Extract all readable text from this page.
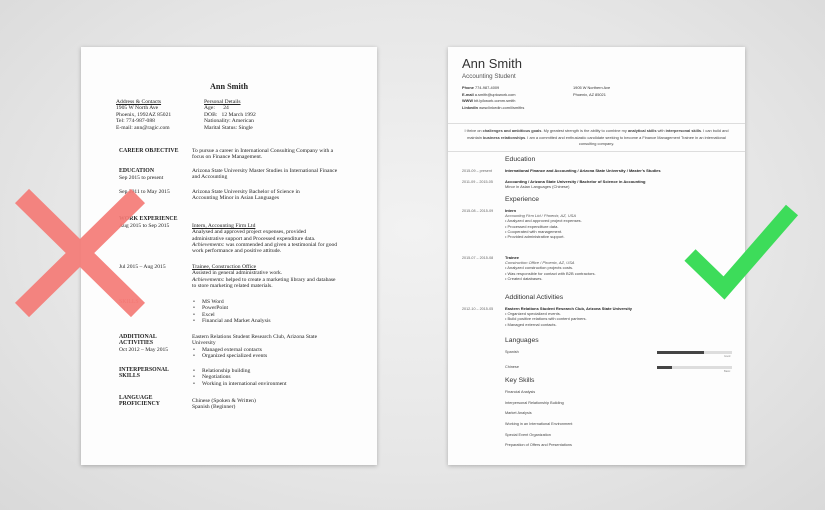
Ann Smith
Address & Contacts
1905 W North Ave
Phoenix, 1992AZ 85021
Tel: 774-987-088
E-mail: ann@ragic.com
Personal Details
Age:      24
DOB:   12 March 1992
Nationality: American
Marital Status: Single
CAREER OBJECTIVE To pursue a career in International Consulting Company with a focus on Finance Management.
EDUCATION
Sep 2015 to present
Arizona State University Master Studies in International Finance and Accounting
Sep 2011 to May 2015	Arizona State University Bachelor of Science in Accounting Minor in Asian Languages
WORK EXPERIENCE
Aug 2015 to Sep 2015	Intern, Accounting Firm Ltd
Analysed and approved project expenses, provided administrative support and Processed expenditure data. Achievements: was commended and given a testimonial for good work performance and positive attitude.
Jul 2015 – Aug 2015	Trainee, Construction Office
Assisted in general administrative work.
Achievements: helped to create a marketing library and database to store marketing related materials.
SKILLS
•	MS Word
• PowerPoint
• Excel
• Financial and Market Analysis
ADDITIONAL
ACTIVITIES
Oct 2012 – May 2015
Eastern Relations Student Research Club, Arizona State University
• Managed external contacts
• Organized specialized events
INTERPERSONAL
SKILLS
• Relationship building
• Negotiations
• Working in international environment
LANGUAGE
PROFICIENCY
Chinese (Spoken & Written)
Spanish (Beginner)
Ann Smith
Accounting Student
Phone 774-987-4009
E-mail a.smith@uptowork.com
WWW bit.ly/kwork.comm.smith
LinkedIn www.linkedin.com/i/smiths
1905 W Northern Ave
Phoenix, AZ 85021
I thrive on challenges and ambitious goals. My greatest strength is the ability to combine my analytical skills with interpersonal skills. I can build and maintain business relationships. I am a committed and enthusiastic candidate seeking to become a Finance Management Trainee in an international consulting company.
Education
2015-09 – present	International Finance and Accounting / Arizona State University / Master's Studies
2011-09 – 2015-05	Accounting / Arizona State University / Bachelor of Science in Accounting
Minor in Asian Languages (Chinese)
Experience
2015-08 – 2015-09	Intern
Accounting Firm Ltd / Phoenix, AZ, USA
• Analyzed and approved project expenses.
• Processed expenditure data.
• Cooperated with management.
• Provided administrative support.
2015-07 – 2015-08	Trainee
Construction Office / Phoenix, AZ, USA
• Analyzed construction projects costs.
• Was responsible for contact with B2B contractors.
• Created databases.
Additional Activities
2012-10 – 2015-05	Eastern Relations Student Research Club, Arizona State University
• Organized specialized events.
• Build positive relations with content partners.
• Managed external contacts.
Languages
Spanish
Good
Chinese
Basic
Key Skills
Financial Analysis
Interpersonal Relationship Building
Market Analysis
Working in an International Environment
Special Event Organization
Preparation of Offers and Presentations
